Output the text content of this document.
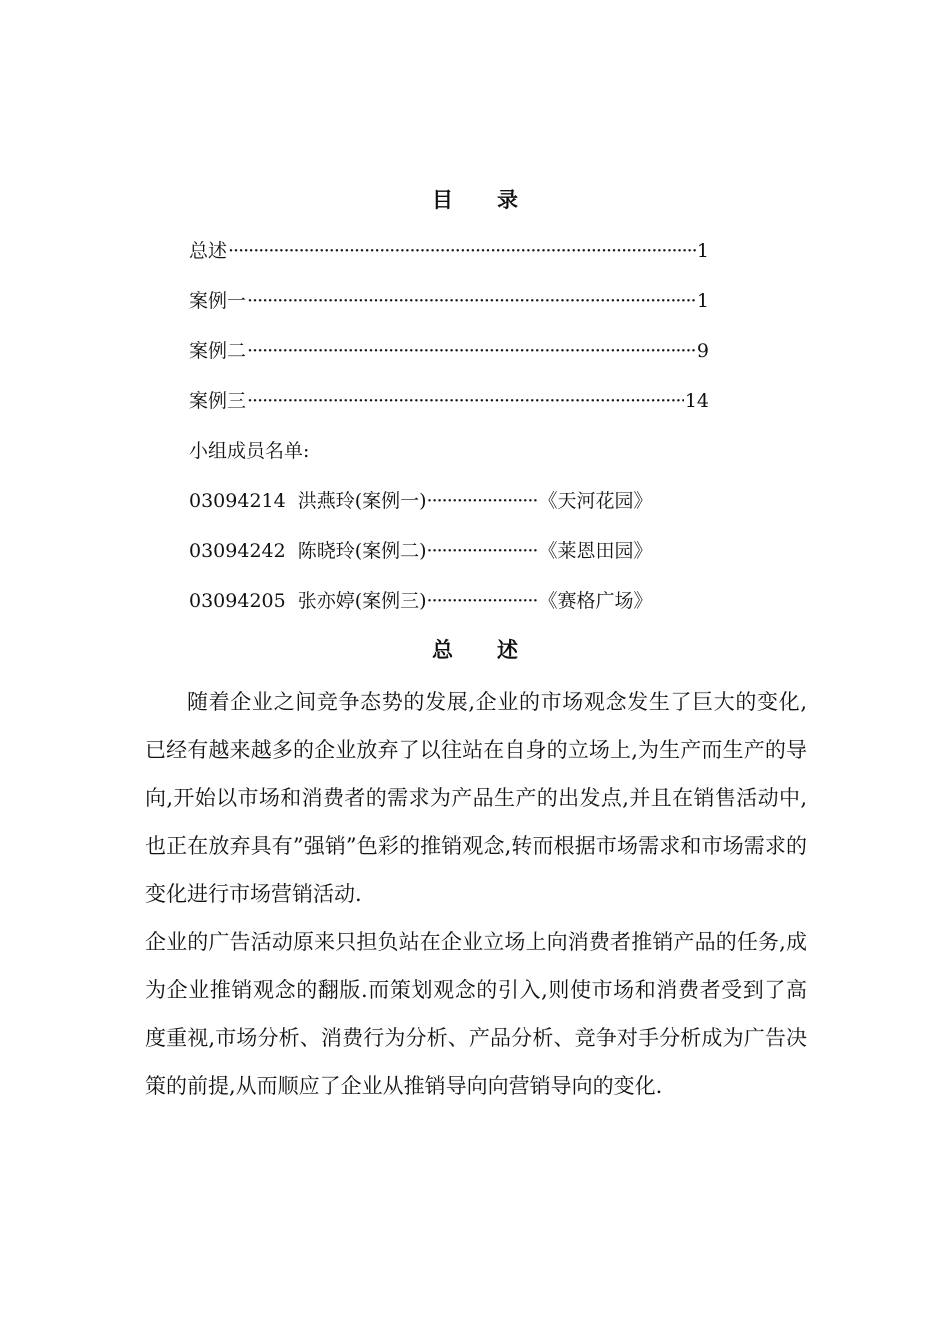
目 录
总述 ·····	1
案例一 ·····	1
案例二 ·····	9
案例三 ·····	14

小组成员名单:

03094214 洪燕玲(案例一) ·····	《天河花园》
03094242 陈晓玲(案例二) ·····	《莱恩田园》
03094205 张亦婷(案例三) ·····	《赛格广场》
总 述

随着企业之间竞争态势的发展,企业的市场观念发生了巨大的变化,已经有越来越多的企业放弃了以往站在自身的立场上,为生产而生产的导向,开始以市场和消费者的需求为产品生产的出发点,并且在销售活动中,也正在放弃具有”强销”色彩的推销观念,转而根据市场需求和市场需求的变化进行市场营销活动.

企业的广告活动原来只担负站在企业立场上向消费者推销产品的任务,成为企业推销观念的翻版.而策划观念的引入,则使市场和消费者受到了高度重视,市场分析、消费行为分析、产品分析、竞争对手分析成为广告决策的前提,从而顺应了企业从推销导向向营销导向的变化.
